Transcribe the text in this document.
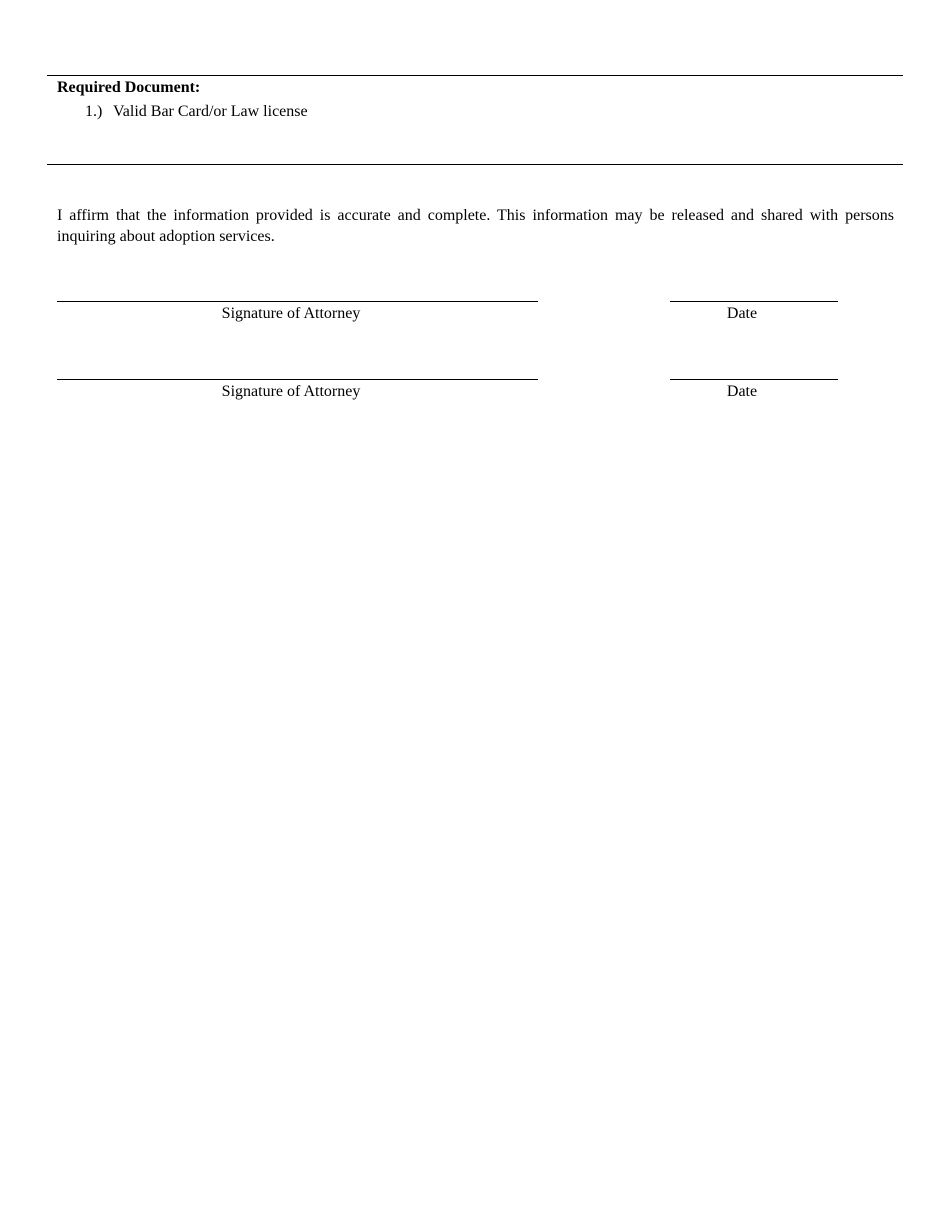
Required Document:
1.) Valid Bar Card/or Law license

I affirm that the information provided is accurate and complete. This information may be released and shared with persons inquiring about adoption services.

Signature of Attorney	Date
Signature of Attorney	Date
